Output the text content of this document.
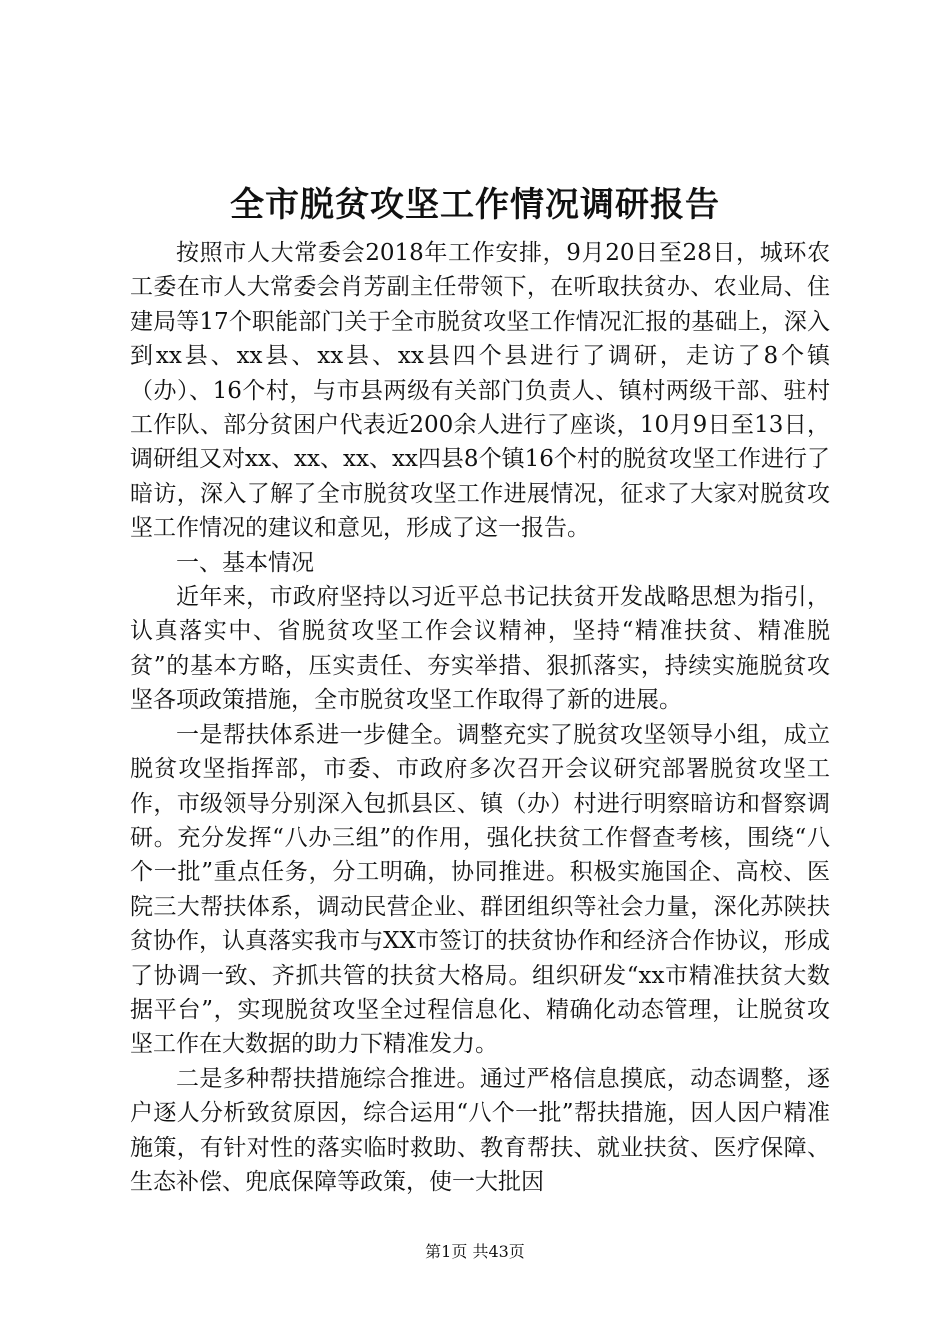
全市脱贫攻坚工作情况调研报告

按照市人大常委会2018年工作安排，9月20日至28日，城环农工委在市人大常委会肖芳副主任带领下，在听取扶贫办、农业局、住建局等17个职能部门关于全市脱贫攻坚工作情况汇报的基础上，深入到xx县、xx县、xx县、xx县四个县进行了调研，走访了8个镇（办）、16个村，与市县两级有关部门负责人、镇村两级干部、驻村工作队、部分贫困户代表近200余人进行了座谈，10月9日至13日，调研组又对xx、xx、xx、xx四县8个镇16个村的脱贫攻坚工作进行了暗访，深入了解了全市脱贫攻坚工作进展情况，征求了大家对脱贫攻坚工作情况的建议和意见，形成了这一报告。

一、基本情况

近年来，市政府坚持以习近平总书记扶贫开发战略思想为指引，认真落实中、省脱贫攻坚工作会议精神，坚持“精准扶贫、精准脱贫”的基本方略，压实责任、夯实举措、狠抓落实，持续实施脱贫攻坚各项政策措施，全市脱贫攻坚工作取得了新的进展。

一是帮扶体系进一步健全。调整充实了脱贫攻坚领导小组，成立脱贫攻坚指挥部，市委、市政府多次召开会议研究部署脱贫攻坚工作，市级领导分别深入包抓县区、镇（办）村进行明察暗访和督察调研。充分发挥“八办三组”的作用，强化扶贫工作督查考核，围绕“八个一批”重点任务，分工明确，协同推进。积极实施国企、高校、医院三大帮扶体系，调动民营企业、群团组织等社会力量，深化苏陕扶贫协作，认真落实我市与XX市签订的扶贫协作和经济合作协议，形成了协调一致、齐抓共管的扶贫大格局。组织研发“xx市精准扶贫大数据平台”，实现脱贫攻坚全过程信息化、精确化动态管理，让脱贫攻坚工作在大数据的助力下精准发力。

二是多种帮扶措施综合推进。通过严格信息摸底，动态调整，逐户逐人分析致贫原因，综合运用“八个一批”帮扶措施，因人因户精准施策，有针对性的落实临时救助、教育帮扶、就业扶贫、医疗保障、生态补偿、兜底保障等政策，使一大批因

第1页 共43页
